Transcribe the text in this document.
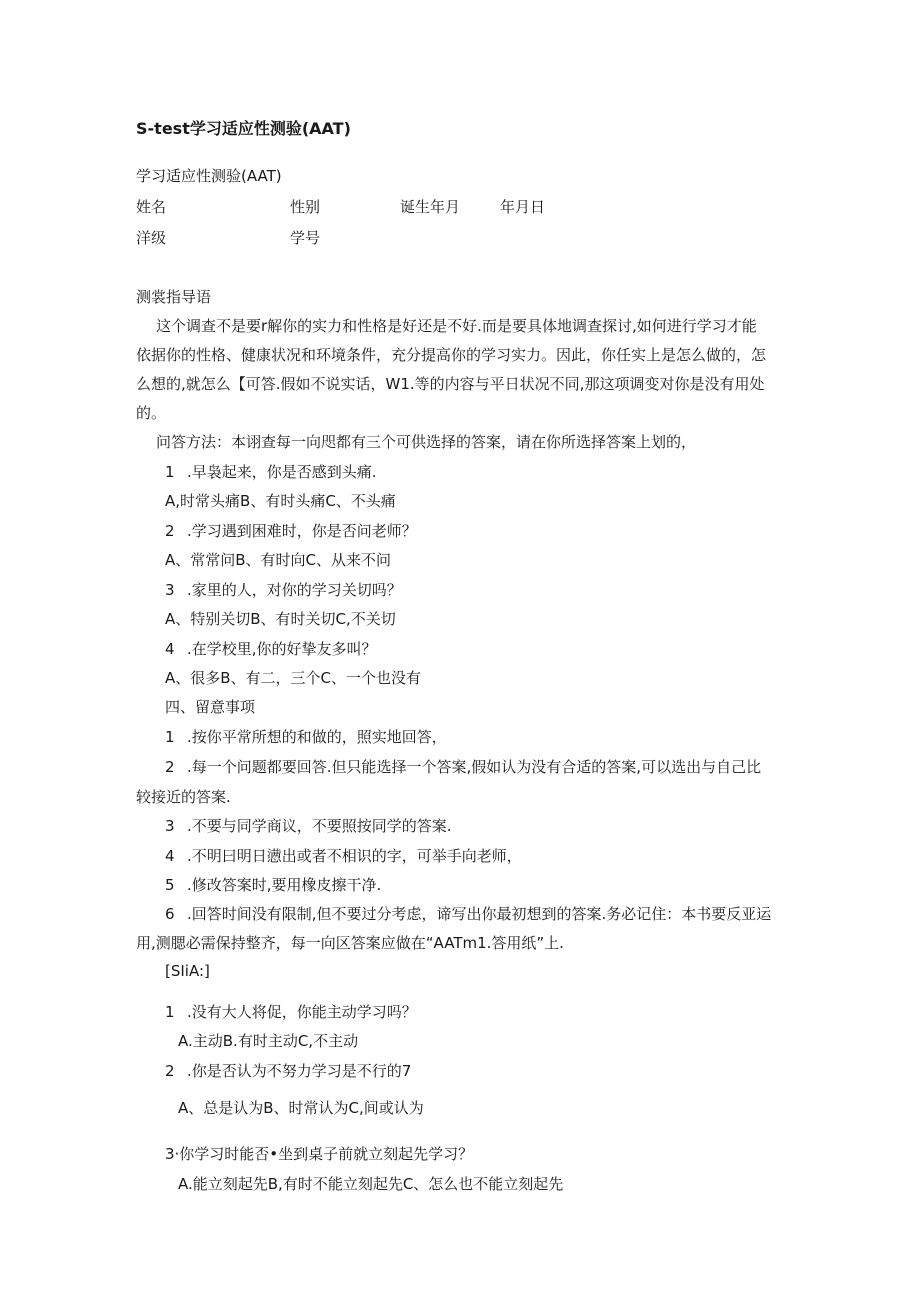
S-test学习适应性测验(AAT)
学习适应性测验(AAT)
姓名	性别	诞生年月	年月日
洋级	学号
测裳指导语
这个调查不是要r解你的实力和性格是好还是不好.而是要具体地调查探讨,如何进行学习才能
依据你的性格、健康状况和环境条件，充分提高你的学习实力。因此，你任实上是怎么做的，怎
么想的,就怎么【可答.假如不说实话，W1.等的内容与平日状况不同,那这项调变对你是没有用处
的。
问答方法：本诩查每一向咫都有三个可供选择的答案，请在你所选择答案上划的，
1 .早袅起来，你是否感到头痛.
A,时常头痛B、有时头痛C、不头痛
2 .学习遇到困难时，你是否问老师？
A、常常问B、有时向C、从来不问
3 .家里的人，对你的学习关切吗？
A、特别关切B、有时关切C,不关切
4 .在学校里,你的好挚友多叫？
A、很多B、有二，三个C、一个也没有
四、留意事项
1 .按你平常所想的和做的，照实地回答，
2 .每一个问题都要回答.但只能选择一个答案,假如认为没有合适的答案,可以选出与自己比
较接近的答案.
3 .不要与同学商议，不要照按同学的答案.
4 .不明曰明日懑出或者不相识的字，可举手向老师，
5 .修改答案时,要用橡皮擦干净.
6 .回答时间没有限制,但不要过分考虑，谛写出你最初想到的答案.务必记住：本书要反亚运
用,测腮必需保持整齐，每一向区答案应做在“AATm1.答用纸”上.
[SIiA:]
1 .没有大人将促，你能主动学习吗？
A.主动B.有时主动C,不主动
2 .你是否认为不努力学习是不行的7
A、总是认为B、时常认为C,间或认为
3·你学习时能否•坐到桌子前就立刻起先学习？
A.能立刻起先B,有时不能立刻起先C、怎么也不能立刻起先
